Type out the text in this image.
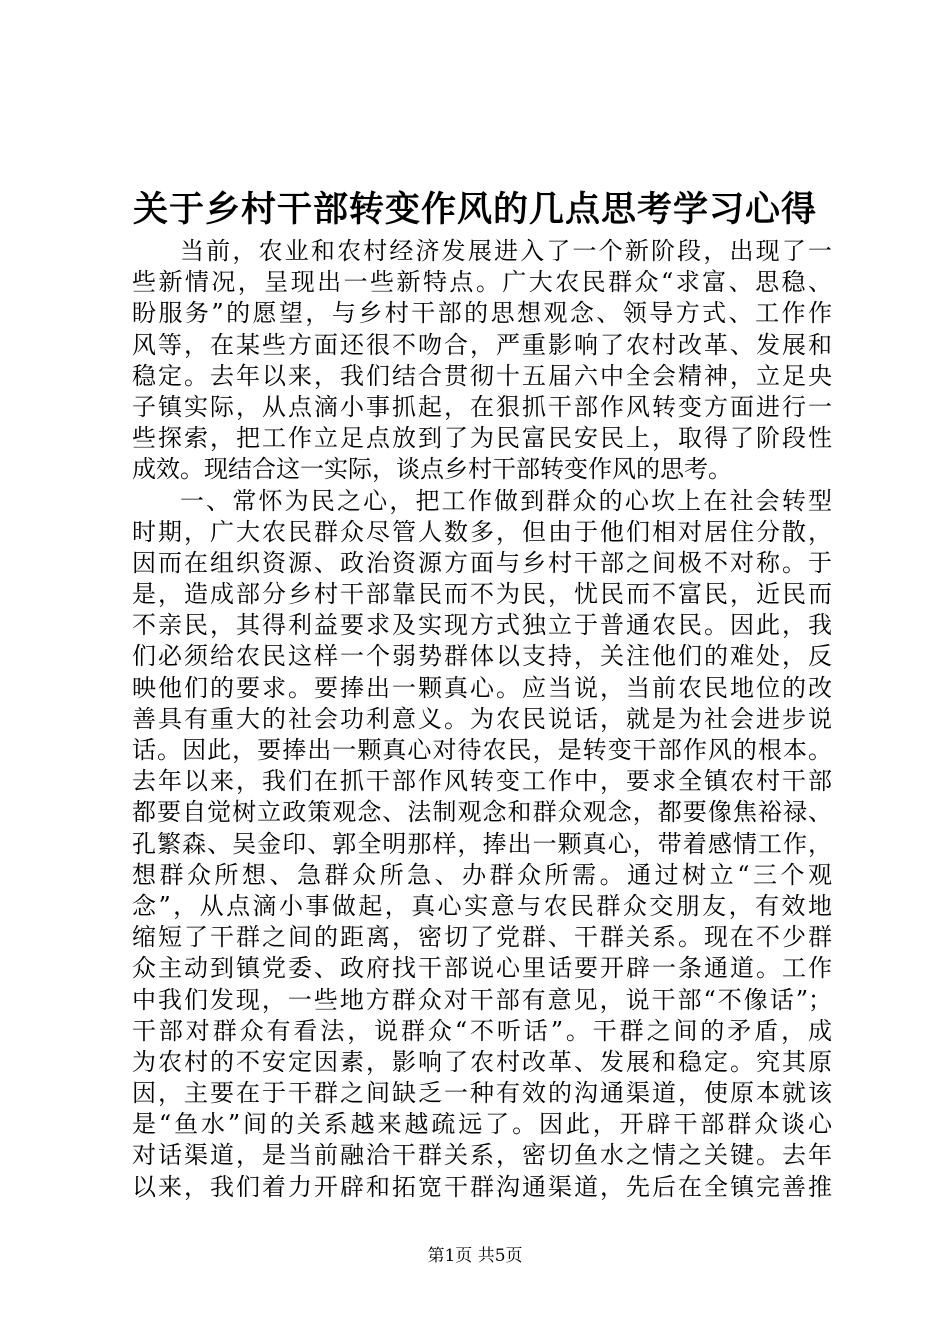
关于乡村干部转变作风的几点思考学习心得
当前，农业和农村经济发展进入了一个新阶段，出现了一
些新情况，呈现出一些新特点。广大农民群众“求富、思稳、
盼服务”的愿望，与乡村干部的思想观念、领导方式、工作作
风等，在某些方面还很不吻合，严重影响了农村改革、发展和
稳定。去年以来，我们结合贯彻十五届六中全会精神，立足央
子镇实际，从点滴小事抓起，在狠抓干部作风转变方面进行一
些探索，把工作立足点放到了为民富民安民上，取得了阶段性
成效。现结合这一实际，谈点乡村干部转变作风的思考。
一、常怀为民之心，把工作做到群众的心坎上在社会转型
时期，广大农民群众尽管人数多，但由于他们相对居住分散，
因而在组织资源、政治资源方面与乡村干部之间极不对称。于
是，造成部分乡村干部靠民而不为民，忧民而不富民，近民而
不亲民，其得利益要求及实现方式独立于普通农民。因此，我
们必须给农民这样一个弱势群体以支持，关注他们的难处，反
映他们的要求。要捧出一颗真心。应当说，当前农民地位的改
善具有重大的社会功利意义。为农民说话，就是为社会进步说
话。因此，要捧出一颗真心对待农民，是转变干部作风的根本。
去年以来，我们在抓干部作风转变工作中，要求全镇农村干部
都要自觉树立政策观念、法制观念和群众观念，都要像焦裕禄、
孔繁森、吴金印、郭全明那样，捧出一颗真心，带着感情工作，
想群众所想、急群众所急、办群众所需。通过树立“三个观
念”，从点滴小事做起，真心实意与农民群众交朋友，有效地
缩短了干群之间的距离，密切了党群、干群关系。现在不少群
众主动到镇党委、政府找干部说心里话要开辟一条通道。工作
中我们发现，一些地方群众对干部有意见，说干部“不像话”；
干部对群众有看法，说群众“不听话”。干群之间的矛盾，成
为农村的不安定因素，影响了农村改革、发展和稳定。究其原
因，主要在于干群之间缺乏一种有效的沟通渠道，使原本就该
是“鱼水”间的关系越来越疏远了。因此，开辟干部群众谈心
对话渠道，是当前融洽干群关系，密切鱼水之情之关键。去年
以来，我们着力开辟和拓宽干群沟通渠道，先后在全镇完善推
第1页 共5页
